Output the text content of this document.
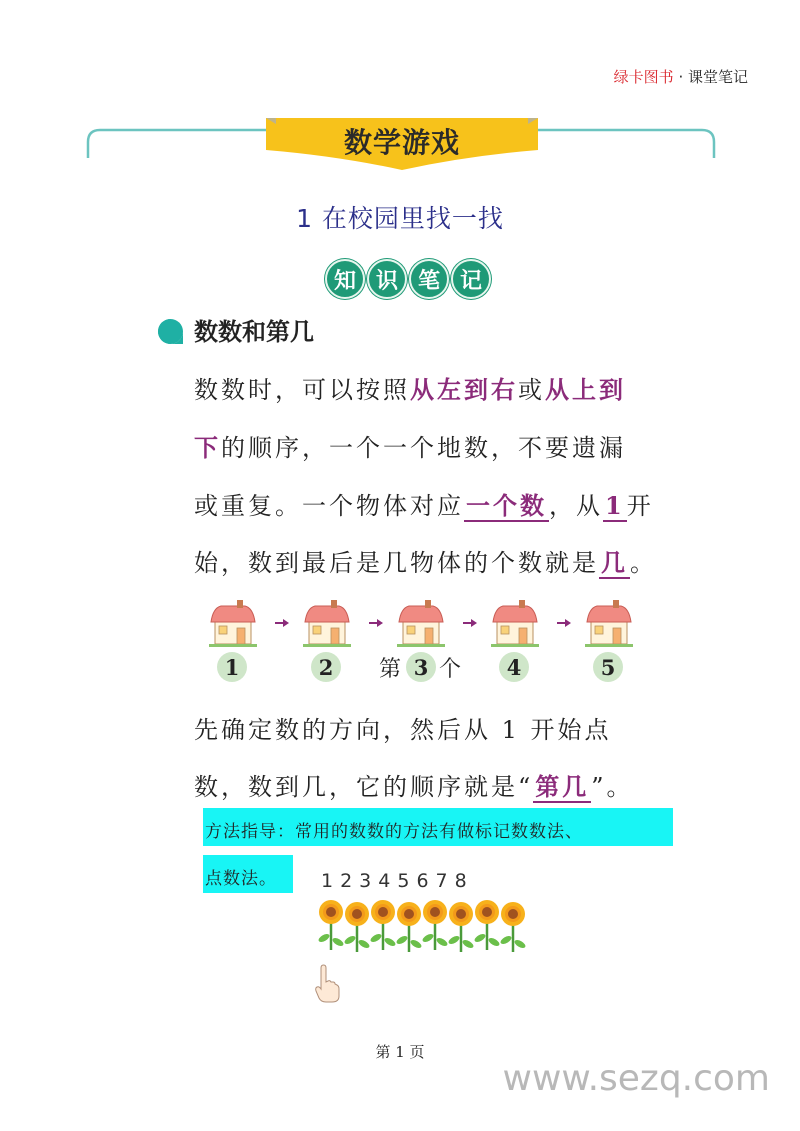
绿卡图书 · 课堂笔记
数学游戏
1 在校园里找一找
知 识 笔 记
数数和第几
数数时，可以按照从左到右或从上到
下的顺序，一个一个地数，不要遗漏
或重复。一个物体对应一个数，从1开
始，数到最后是几物体的个数就是几。
1	2	第 3 个	4	5
先确定数的方向，然后从 1 开始点
数，数到几，它的顺序就是“第几”。
方法指导：常用的数数的方法有做标记数数法、
点数法。 12345678
第 1 页
www.sezq.com
